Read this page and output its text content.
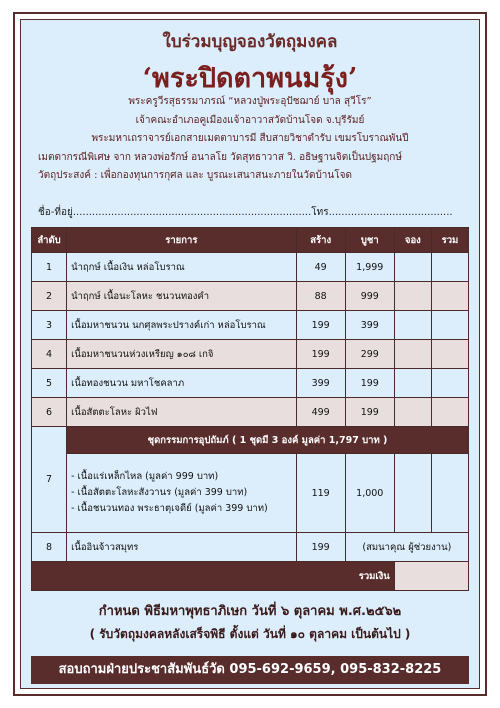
ใบร่วมบุญจองวัตถุมงคล
‘พระปิดตาพนมรุ้ง’
พระครูวีรสุธรรมาภรณ์ “หลวงปู่พระอุปัชฌาย์ บาล สุวีโร”
เจ้าคณะอำเภอคูเมืองแจ้าอาวาสวัดบ้านโจด จ.บุรีรัมย์
พระมหาเถราจารย์เอกสายเมตตาบารมี สืบสายวิชาตำรับ เขมรโบราณพันปี
เมตตากรณีพิเศษ จาก หลวงพ่อรักษ์ อนาลโย วัดสุทธาวาส วิ. อธิษฐานจิตเป็นปฐมฤกษ์
วัตถุประสงค์ : เพื่อกองทุนการกุศล และ บูรณะเสนาสนะภายในวัดบ้านโจด
ชื่อ-ที่อยู่...........................................................................โทร.......................................
ลำดับ	รายการ	สร้าง	บูชา	จอง	รวม
1	นำฤกษ์ เนื้อเงิน หล่อโบราณ	49	1,999		
2	นำฤกษ์ เนื้อนะโลหะ ชนวนทองคำ	88	999		
3	เนื้อมหาชนวน นกศุลพระปรางค์เก่า หล่อโบราณ	199	399		
4	เนื้อมหาชนวนห่วงเหรียญ ๑๐๘ เกจิ	199	299		
5	เนื้อทองชนวน มหาโชคลาภ	399	199		
6	เนื้อสัตตะโลหะ ผิวไฟ	499	199		
7	ชุดกรรมการอุปถัมภ์ ( 1 ชุดมี 3 องค์ มูลค่า 1,797 บาท )				

	- เนื้อแร่เหล็กไหล (มูลค่า 999 บาท)
- เนื้อสัตตะโลหะสังวานร (มูลค่า 399 บาท)
- เนื้อชนวนทอง พระธาตุเจดีย์ (มูลค่า 399 บาท)	119	1,000		
8	เนื้ออินจ้าวสมุทร	199	(สมนาคุณ ผู้ช่วยงาน)		
รวมเงิน					
กำหนด พิธีมหาพุทธาภิเษก วันที่ ๖ ตุลาคม พ.ศ.๒๕๖๒
( รับวัตถุมงคลหลังเสร็จพิธี ตั้งแต่ วันที่ ๑๐ ตุลาคม เป็นต้นไป )
สอบถามฝ่ายประชาสัมพันธ์วัด 095-692-9659, 095-832-8225
